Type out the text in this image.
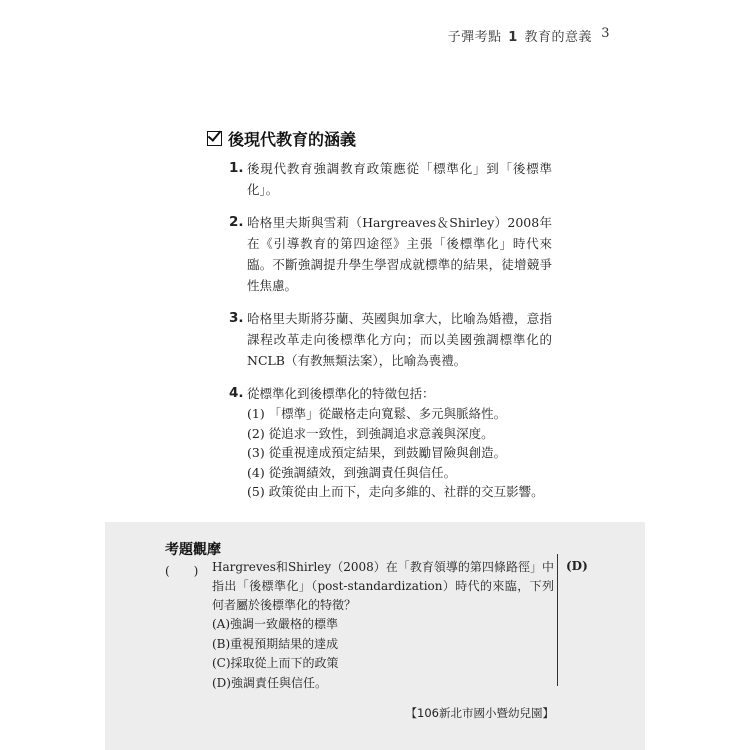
子彈考點 1 教育的意義 3
後現代教育的涵義
1. 後現代教育強調教育政策應從「標準化」到「後標準化」。
2. 哈格里夫斯與雪莉（Hargreaves＆Shirley）2008年在《引導教育的第四途徑》主張「後標準化」時代來臨。不斷強調提升學生學習成就標準的結果，徒增競爭性焦慮。
3. 哈格里夫斯將芬蘭、英國與加拿大，比喻為婚禮，意指課程改革走向後標準化方向；而以美國強調標準化的NCLB（有教無類法案），比喻為喪禮。
4. 從標準化到後標準化的特徵包括：
(1) 「標準」從嚴格走向寬鬆、多元與脈絡性。
(2) 從追求一致性，到強調追求意義與深度。
(3) 從重視達成預定結果，到鼓勵冒險與創造。
(4) 從強調績效，到強調責任與信任。
(5) 政策從由上而下，走向多維的、社群的交互影響。
考題觀摩
(　　) Hargreves和Shirley（2008）在「教育領導的第四條路徑」中指出「後標準化」（post-standardization）時代的來臨，下列何者屬於後標準化的特徵？
(A)強調一致嚴格的標準
(B)重視預期結果的達成
(C)採取從上而下的政策
(D)強調責任與信任。
【106新北市國小暨幼兒園】
(D)
